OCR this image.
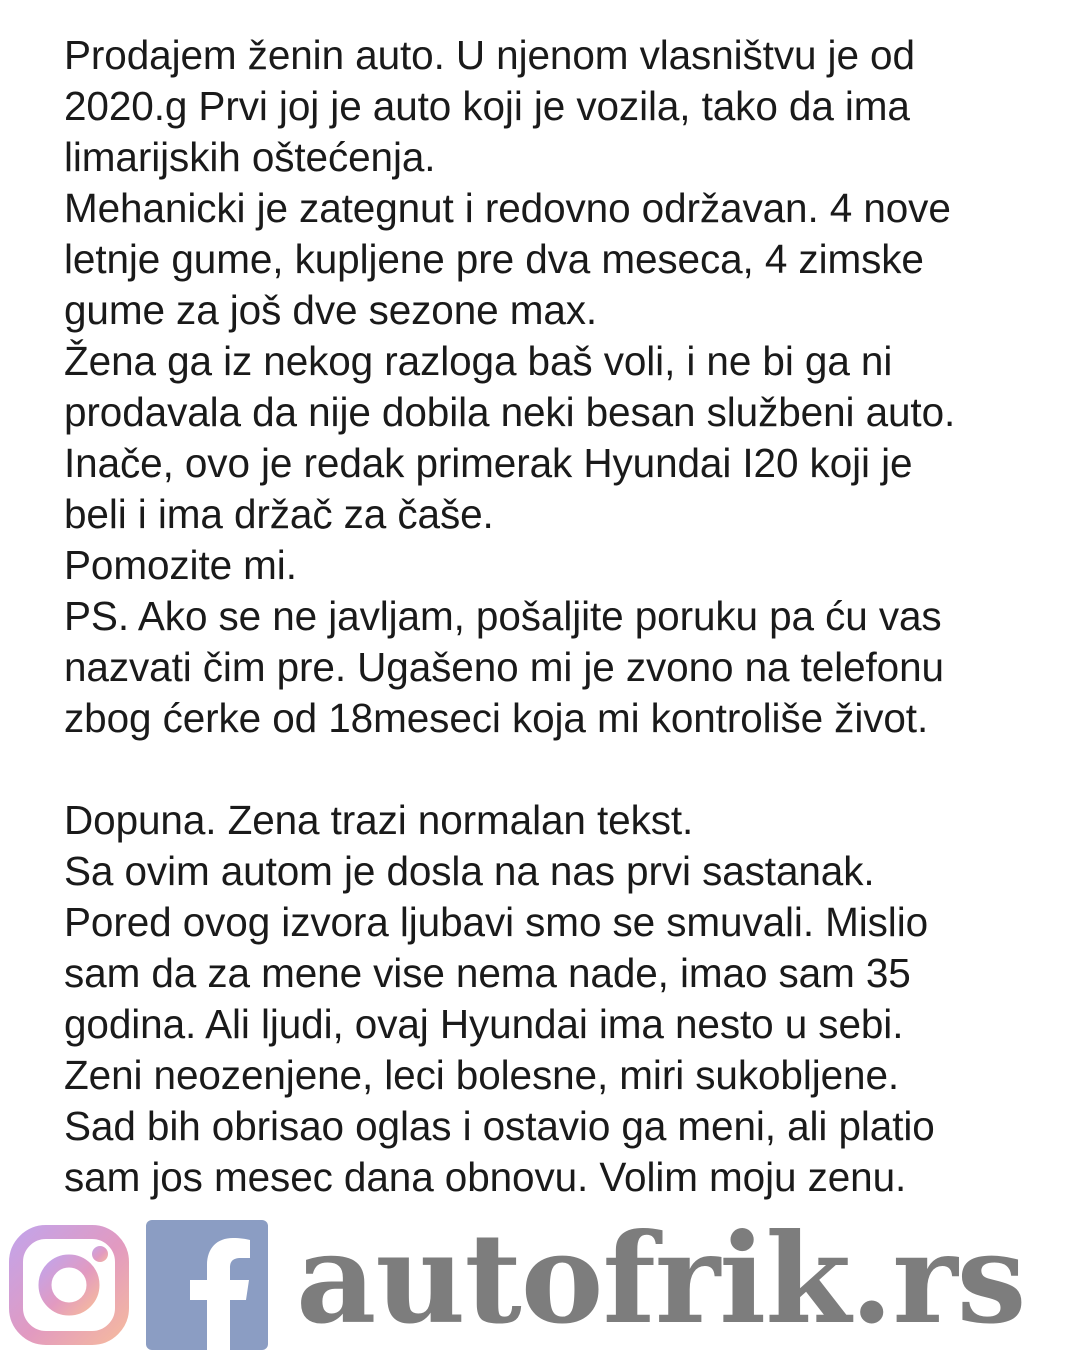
Prodajem ženin auto. U njenom vlasništvu je od
2020.g Prvi joj je auto koji je vozila, tako da ima
limarijskih oštećenja.
Mehanicki je zategnut i redovno održavan. 4 nove
letnje gume, kupljene pre dva meseca, 4 zimske
gume za još dve sezone max.
Žena ga iz nekog razloga baš voli, i ne bi ga ni
prodavala da nije dobila neki besan službeni auto.
Inače, ovo je redak primerak Hyundai I20 koji je
beli i ima držač za čaše.
Pomozite mi.
PS. Ako se ne javljam, pošaljite poruku pa ću vas
nazvati čim pre. Ugašeno mi je zvono na telefonu
zbog ćerke od 18meseci koja mi kontroliše život.
Dopuna. Zena trazi normalan tekst.
Sa ovim autom je dosla na nas prvi sastanak.
Pored ovog izvora ljubavi smo se smuvali. Mislio
sam da za mene vise nema nade, imao sam 35
godina. Ali ljudi, ovaj Hyundai ima nesto u sebi.
Zeni neozenjene, leci bolesne, miri sukobljene.
Sad bih obrisao oglas i ostavio ga meni, ali platio
sam jos mesec dana obnovu. Volim moju zenu.
autofrik.rs
